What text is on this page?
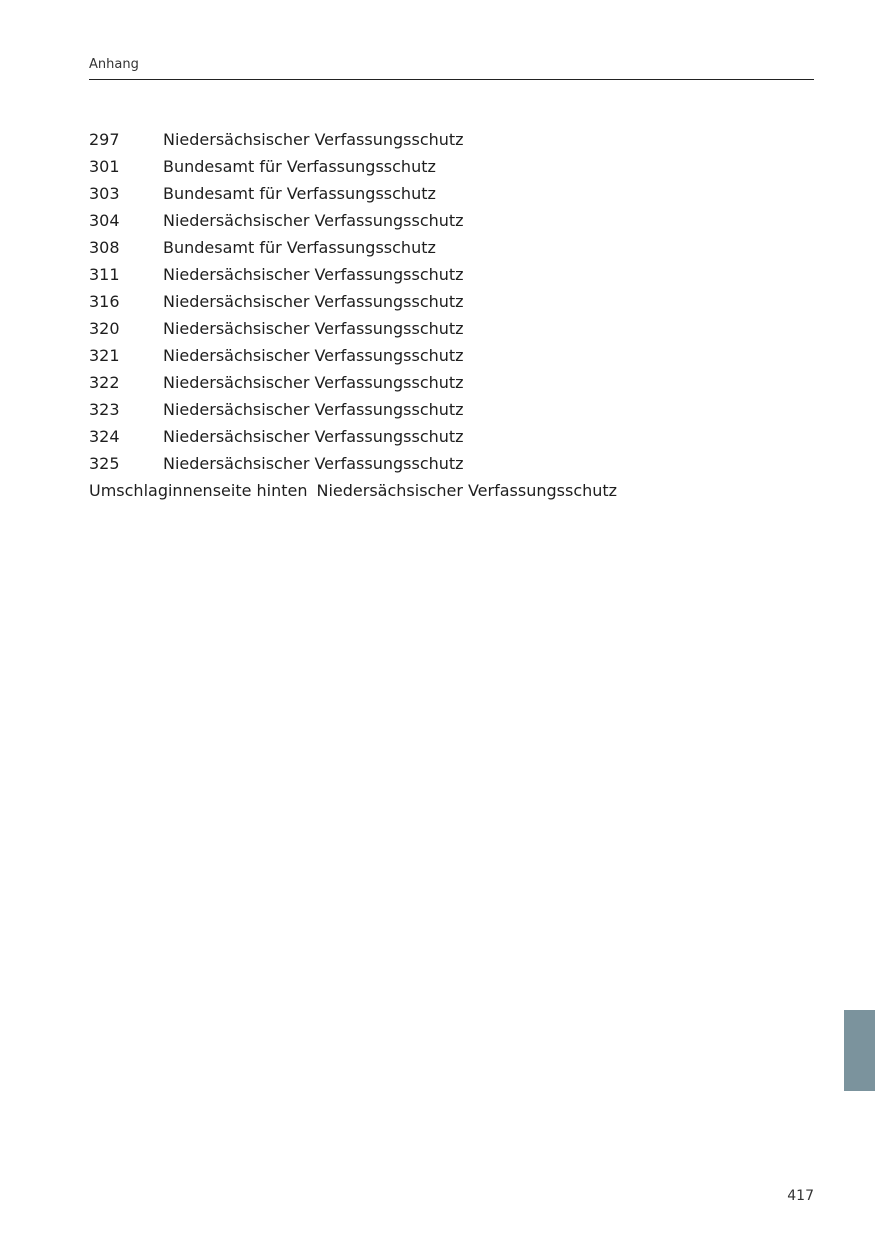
Anhang
297	Niedersächsischer Verfassungsschutz
301	Bundesamt für Verfassungsschutz
303	Bundesamt für Verfassungsschutz
304	Niedersächsischer Verfassungsschutz
308	Bundesamt für Verfassungsschutz
311	Niedersächsischer Verfassungsschutz
316	Niedersächsischer Verfassungsschutz
320	Niedersächsischer Verfassungsschutz
321	Niedersächsischer Verfassungsschutz
322	Niedersächsischer Verfassungsschutz
323	Niedersächsischer Verfassungsschutz
324	Niedersächsischer Verfassungsschutz
325	Niedersächsischer Verfassungsschutz
Umschlaginnenseite hinten Niedersächsischer Verfassungsschutz
417
